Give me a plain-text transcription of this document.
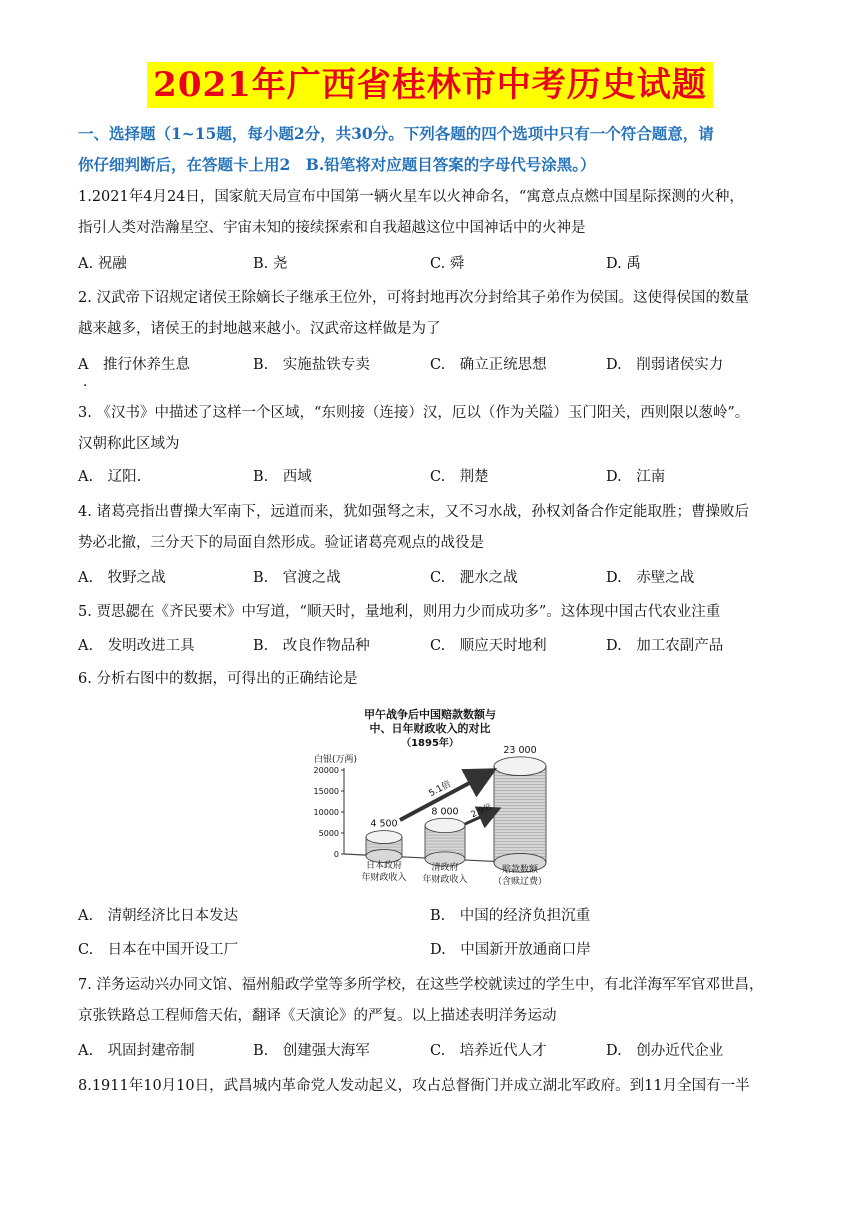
2021年广西省桂林市中考历史试题
一、选择题（1~15题，每小题2分，共30分。下列各题的四个选项中只有一个符合题意，请
你仔细判断后，在答题卡上用2　B.铅笔将对应题目答案的字母代号涂黑。）
1.2021年4月24日，国家航天局宣布中国第一辆火星车以火神命名，“寓意点点燃中国星际探测的火种，
指引人类对浩瀚星空、宇宙未知的接续探索和自我超越这位中国神话中的火神是
A. 祝融	B. 尧	C. 舜	D. 禹
2. 汉武帝下诏规定诸侯王除嫡长子继承王位外，可将封地再次分封给其子弟作为侯国。这使得侯国的数量
越来越多，诸侯王的封地越来越小。汉武帝这样做是为了
A　推行休养生息	B.　实施盐铁专卖	C.　确立正统思想	D.　削弱诸侯实力
．
3. 《汉书》中描述了这样一个区域，“东则接（连接）汉，厄以（作为关隘）玉门阳关，西则限以葱岭”。
汉朝称此区域为
A.　辽阳.	B.　西域	C.　荆楚	D.　江南
4. 诸葛亮指出曹操大军南下，远道而来，犹如强弩之末，又不习水战，孙权刘备合作定能取胜；曹操败后
势必北撤，三分天下的局面自然形成。验证诸葛亮观点的战役是
A.　牧野之战	B.　官渡之战	C.　淝水之战	D.　赤壁之战
5. 贾思勰在《齐民要术》中写道，“顺天时，量地利，则用力少而成功多”。这体现中国古代农业注重
A.　发明改进工具	B.　改良作物品种	C.　顺应天时地利	D.　加工农副产品
6. 分析右图中的数据，可得出的正确结论是
甲午战争后中国赔款数额与
中、日年财政收入的对比
（1895年）
白银(万两)
0
5000
10000
15000
20000
4 500
8 000
23 000
5.1倍
2.9倍
日本政府
年财政收入
清政府
年财政收入
赔款数额
（含赎辽费）
A.　清朝经济比日本发达	B.　中国的经济负担沉重
C.　日本在中国开设工厂	D.　中国新开放通商口岸
7. 洋务运动兴办同文馆、福州船政学堂等多所学校，在这些学校就读过的学生中，有北洋海军军官邓世昌，
京张铁路总工程师詹天佑，翻译《天演论》的严复。以上描述表明洋务运动
A.　巩固封建帝制	B.　创建强大海军	C.　培养近代人才	D.　创办近代企业
8.1911年10月10日，武昌城内革命党人发动起义，攻占总督衙门并成立湖北军政府。到11月全国有一半
